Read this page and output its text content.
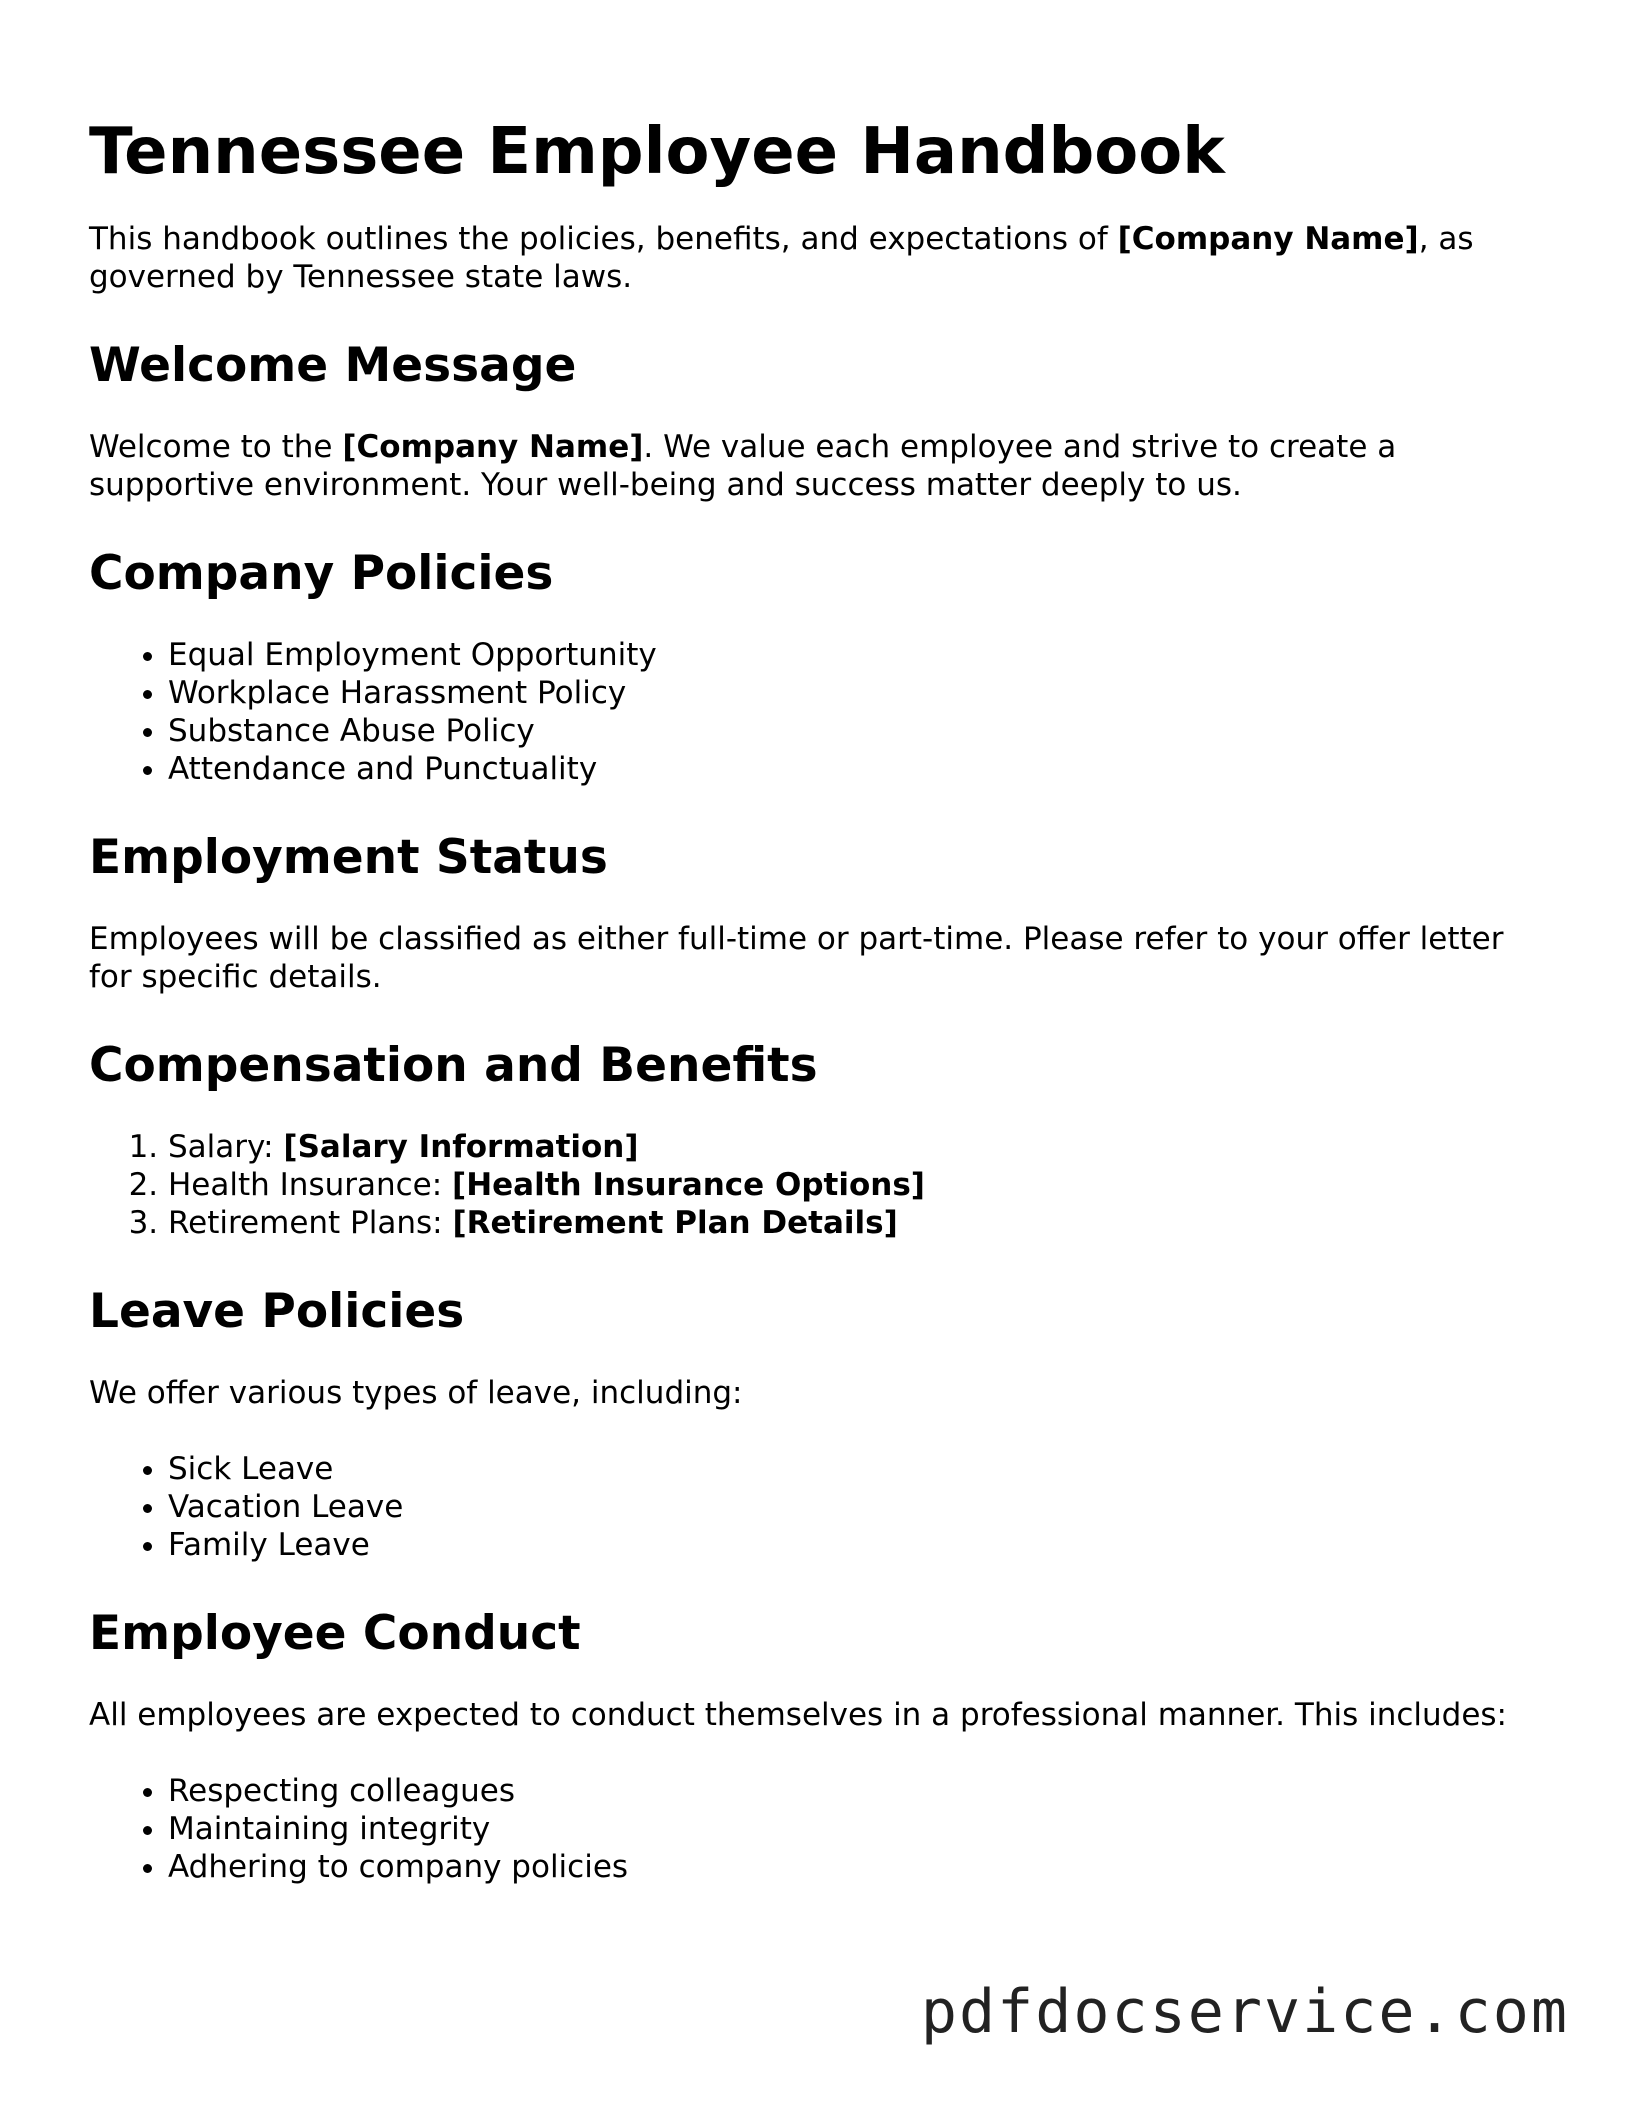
Tennessee Employee Handbook

This handbook outlines the policies, benefits, and expectations of [Company Name], as governed by Tennessee state laws.

Welcome Message

Welcome to the [Company Name]. We value each employee and strive to create a supportive environment. Your well-being and success matter deeply to us.

Company Policies
• Equal Employment Opportunity
• Workplace Harassment Policy
• Substance Abuse Policy
• Attendance and Punctuality
Employment Status

Employees will be classified as either full-time or part-time. Please refer to your offer letter for specific details.

Compensation and Benefits
1. Salary: [Salary Information]
2. Health Insurance: [Health Insurance Options]
3. Retirement Plans: [Retirement Plan Details]
Leave Policies

We offer various types of leave, including:

• Sick Leave
• Vacation Leave
• Family Leave
Employee Conduct

All employees are expected to conduct themselves in a professional manner. This includes:

• Respecting colleagues
• Maintaining integrity
• Adhering to company policies
pdfdocservice.com
